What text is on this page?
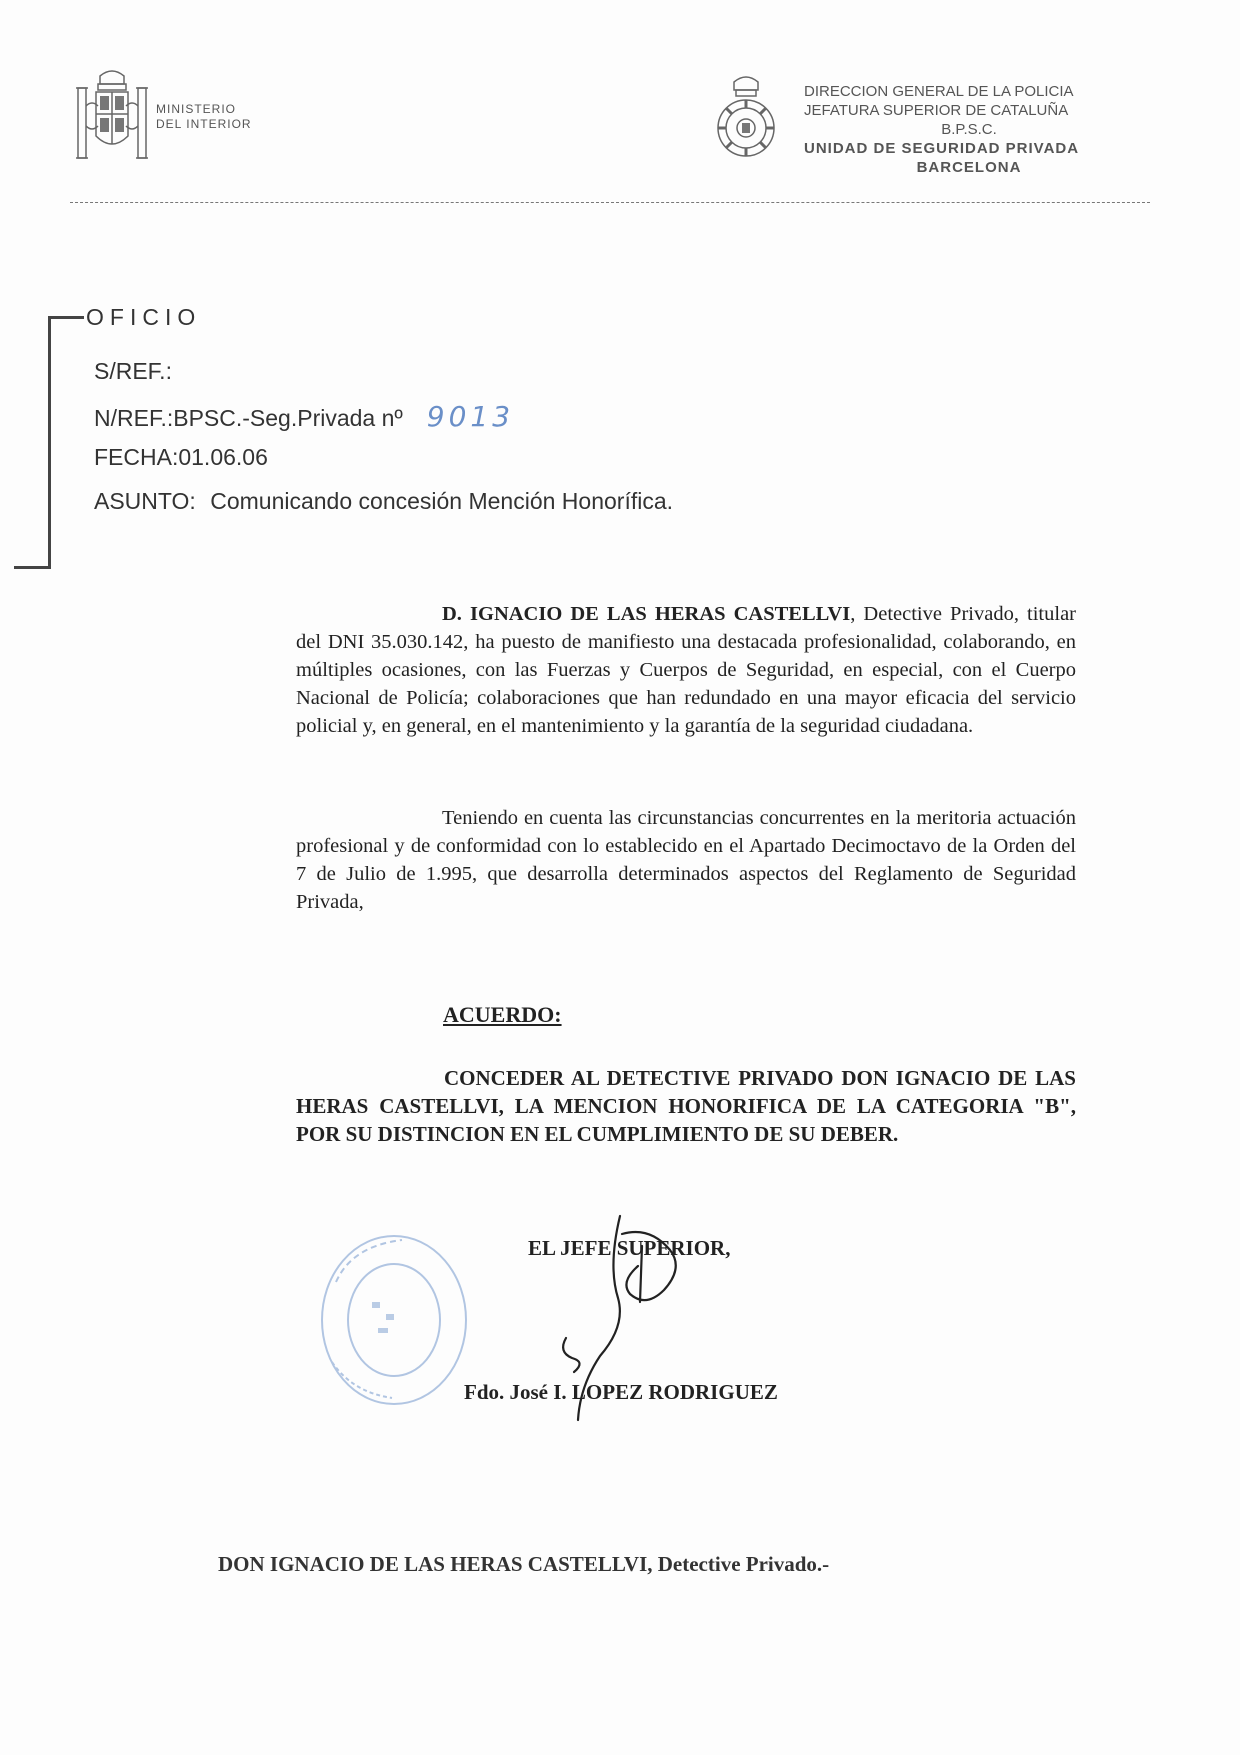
MINISTERIO
DEL INTERIOR
DIRECCION GENERAL DE LA POLICIA
JEFATURA SUPERIOR DE CATALUÑA
B.P.S.C.
UNIDAD DE SEGURIDAD PRIVADA
BARCELONA
OFICIO
S/REF.:
N/REF.:BPSC.-Seg.Privada nº 9013
FECHA:01.06.06
ASUNTO: Comunicando concesión Mención Honorífica.
D. IGNACIO DE LAS HERAS CASTELLVI, Detective Privado, titular del DNI 35.030.142, ha puesto de manifiesto una destacada profesionalidad, colaborando, en múltiples ocasiones, con las Fuerzas y Cuerpos de Seguridad, en especial, con el Cuerpo Nacional de Policía; colaboraciones que han redundado en una mayor eficacia del servicio policial y, en general, en el mantenimiento y la garantía de la seguridad ciudadana.
Teniendo en cuenta las circunstancias concurrentes en la meritoria actuación profesional y de conformidad con lo establecido en el Apartado Decimoctavo de la Orden del 7 de Julio de 1.995, que desarrolla determinados aspectos del Reglamento de Seguridad Privada,
ACUERDO:
CONCEDER AL DETECTIVE PRIVADO DON IGNACIO DE LAS HERAS CASTELLVI, LA MENCION HONORIFICA DE LA CATEGORIA "B", POR SU DISTINCION EN EL CUMPLIMIENTO DE SU DEBER.
EL JEFE SUPERIOR,
Fdo. José I. LOPEZ RODRIGUEZ
DON IGNACIO DE LAS HERAS CASTELLVI, Detective Privado.-
